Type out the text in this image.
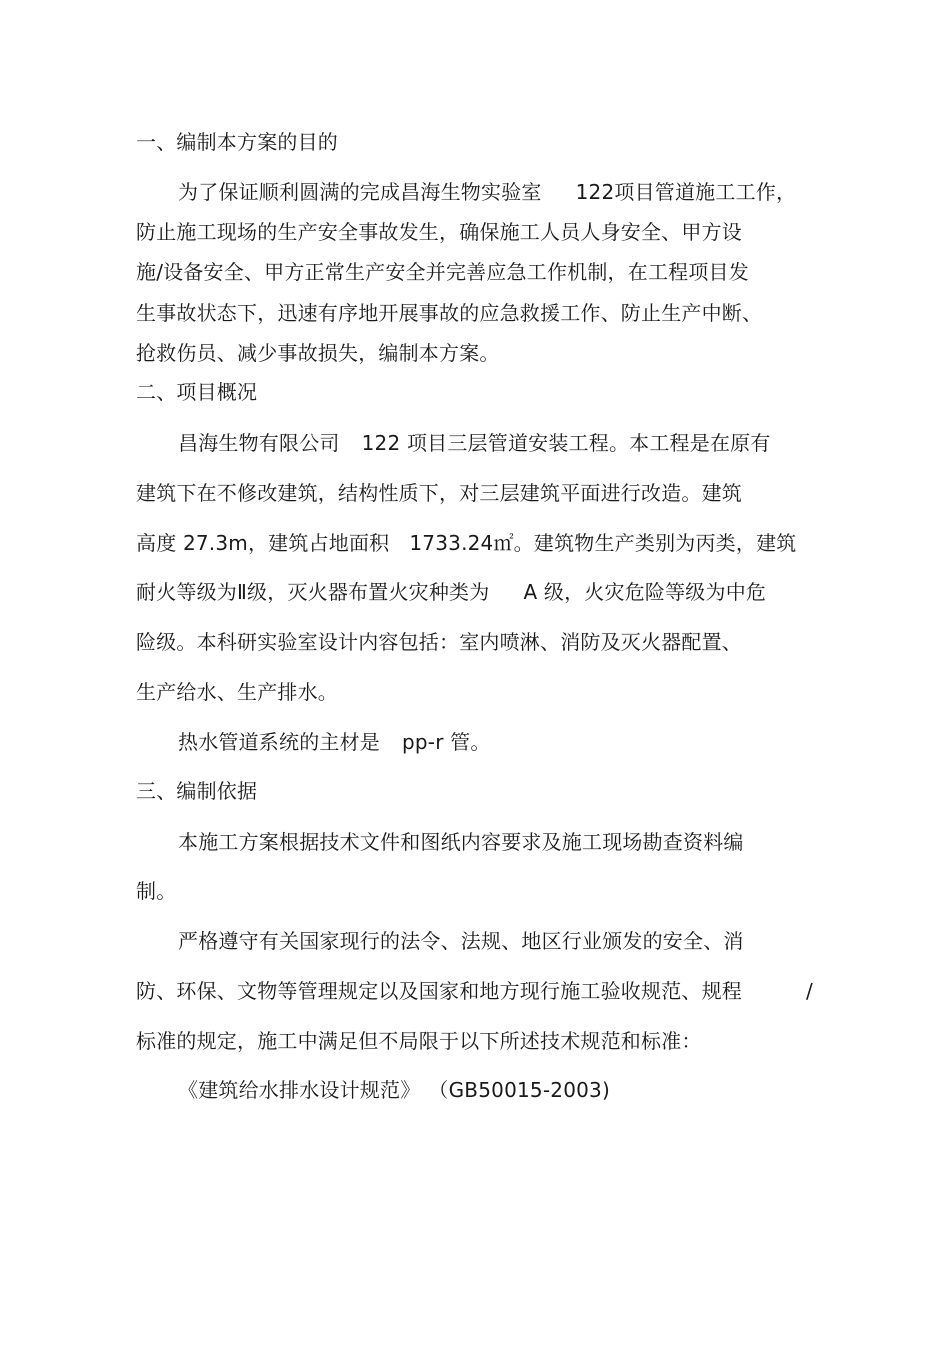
一、编制本方案的目的
为了保证顺利圆满的完成昌海生物实验室 122项目管道施工工作，
防止施工现场的生产安全事故发生，确保施工人员人身安全、甲方设
施/设备安全、甲方正常生产安全并完善应急工作机制，在工程项目发
生事故状态下，迅速有序地开展事故的应急救援工作、防止生产中断、
抢救伤员、减少事故损失，编制本方案。
二、项目概况
昌海生物有限公司 122 项目三层管道安装工程。本工程是在原有
建筑下在不修改建筑，结构性质下，对三层建筑平面进行改造。建筑
高度 27.3m，建筑占地面积 1733.24㎡。建筑物生产类别为丙类，建筑
耐火等级为Ⅱ级，灭火器布置火灾种类为 A 级，火灾危险等级为中危
险级。本科研实验室设计内容包括：室内喷淋、消防及灭火器配置、
生产给水、生产排水。
热水管道系统的主材是 pp-r 管。
三、编制依据
本施工方案根据技术文件和图纸内容要求及施工现场勘查资料编
制。
严格遵守有关国家现行的法令、法规、地区行业颁发的安全、消
防、环保、文物等管理规定以及国家和地方现行施工验收规范、规程	/
标准的规定，施工中满足但不局限于以下所述技术规范和标准：
《建筑给水排水设计规范》 （GB50015-2003)
